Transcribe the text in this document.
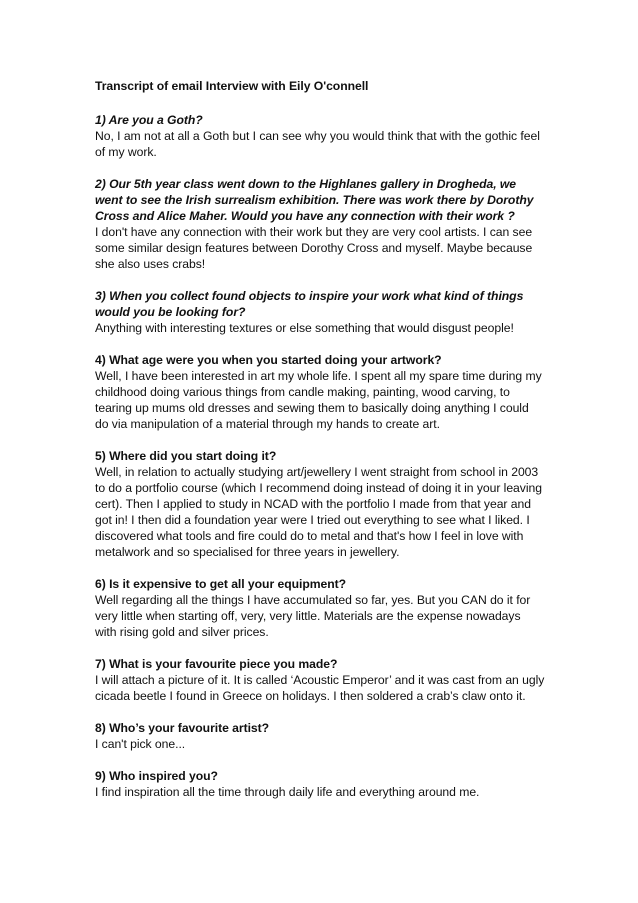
Transcript of email Interview with Eily O'connell

1) Are you a Goth?

No, I am not at all a Goth but I can see why you would think that with the gothic feel of my work.

2) Our 5th year class went down to the Highlanes gallery in Drogheda, we went to see the Irish surrealism exhibition. There was work there by Dorothy Cross and Alice Maher. Would you have any connection with their work ?

I don't have any connection with their work but they are very cool artists. I can see some similar design features between Dorothy Cross and myself. Maybe because she also uses crabs!

3) When you collect found objects to inspire your work what kind of things would you be looking for?

Anything with interesting textures or else something that would disgust people!

4) What age were you when you started doing your artwork?

Well, I have been interested in art my whole life. I spent all my spare time during my childhood doing various things from candle making, painting, wood carving, to tearing up mums old dresses and sewing them to basically doing anything I could do via manipulation of a material through my hands to create art.

5) Where did you start doing it?

Well, in relation to actually studying art/jewellery I went straight from school in 2003 to do a portfolio course (which I recommend doing instead of doing it in your leaving cert). Then I applied to study in NCAD with the portfolio I made from that year and got in! I then did a foundation year were I tried out everything to see what I liked. I discovered what tools and fire could do to metal and that's how I feel in love with metalwork and so specialised for three years in jewellery.

6) Is it expensive to get all your equipment?

Well regarding all the things I have accumulated so far, yes. But you CAN do it for very little when starting off, very, very little. Materials are the expense nowadays with rising gold and silver prices.

7) What is your favourite piece you made?

I will attach a picture of it. It is called ‘Acoustic Emperor’ and it was cast from an ugly cicada beetle I found in Greece on holidays. I then soldered a crab’s claw onto it.

8) Who’s your favourite artist?

I can't pick one...

9) Who inspired you?

I find inspiration all the time through daily life and everything around me.
